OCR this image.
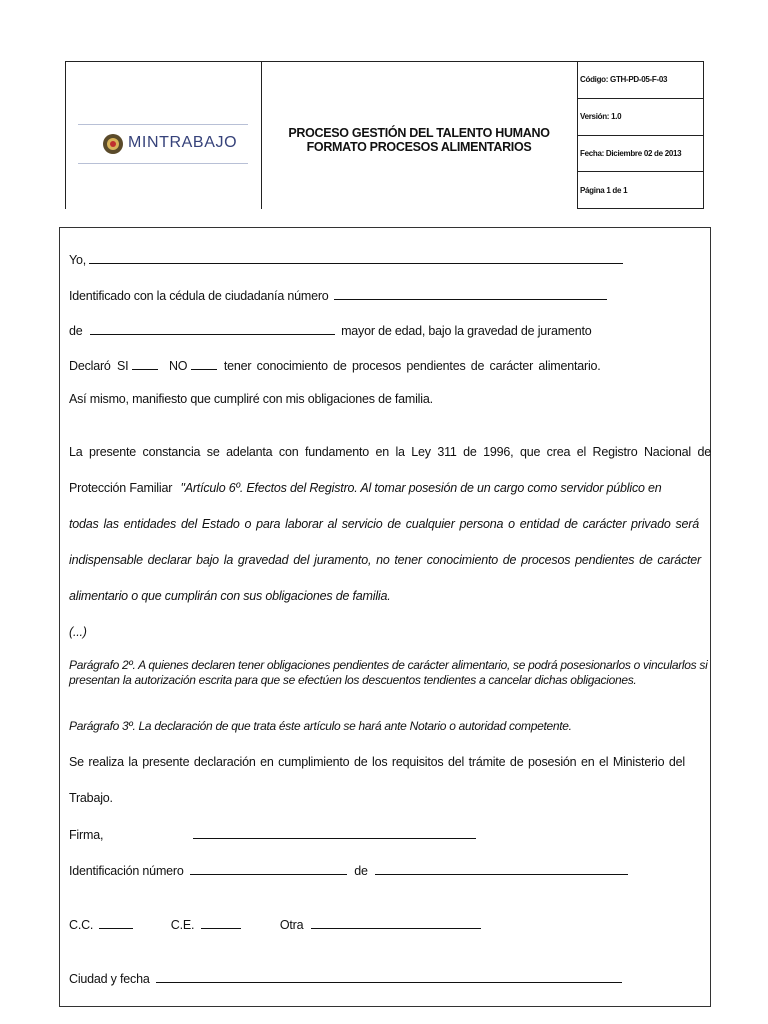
MINTRABAJO
PROCESO GESTIÓN DEL TALENTO HUMANO
FORMATO PROCESOS ALIMENTARIOS
Código: GTH-PD-05-F-03
Versión: 1.0
Fecha: Diciembre 02 de 2013
Página 1 de 1
Yo,
Identificado con la cédula de ciudadanía número
de	mayor de edad, bajo la gravedad de juramento
Declaró SI	NO	tener conocimiento de procesos pendientes de carácter alimentario.
Así mismo, manifiesto que cumpliré con mis obligaciones de familia.
La presente constancia se adelanta con fundamento en la Ley 311 de 1996, que crea el Registro Nacional de
Protección Familiar "Artículo 6º. Efectos del Registro. Al tomar posesión de un cargo como servidor público en
todas las entidades del Estado o para laborar al servicio de cualquier persona o entidad de carácter privado será
indispensable declarar bajo la gravedad del juramento, no tener conocimiento de procesos pendientes de carácter
alimentario o que cumplirán con sus obligaciones de familia.
(...)
Parágrafo 2º. A quienes declaren tener obligaciones pendientes de carácter alimentario, se podrá posesionarlos o vincularlos si presentan la autorización escrita para que se efectúen los descuentos tendientes a cancelar dichas obligaciones.
Parágrafo 3º. La declaración de que trata éste artículo se hará ante Notario o autoridad competente.
Se realiza la presente declaración en cumplimiento de los requisitos del trámite de posesión en el Ministerio del
Trabajo.
Firma,
Identificación número	de
C.C.	C.E.	Otra
Ciudad y fecha
